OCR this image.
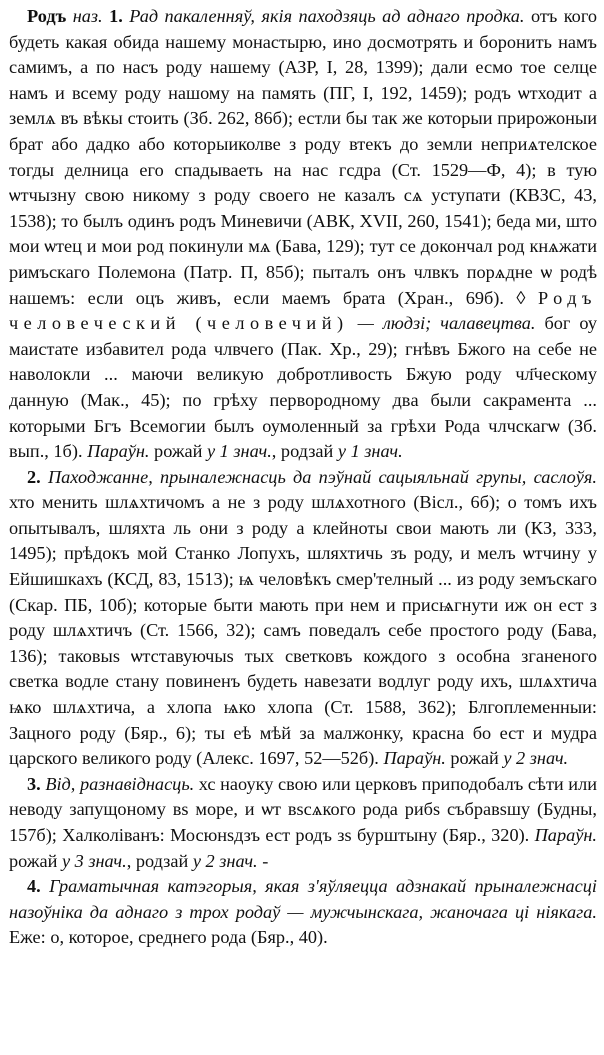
Родъ наз. 1. Рад пакаленняў, якія паходзяць ад аднаго продка. отъ кого будеть какая обида нашему монастырю, ино досмотрять и боронить намъ самимъ, а по насъ роду нашему (АЗР, I, 28, 1399); дали есмо тое селце намъ и всему роду нашому на память (ПГ, I, 192, 1459); родъ ѡтходит а землѧ въ вѣкы стоить (Зб. 262, 86б); естли бы так же которыи прирожоныи брат або дадко або которыиколве з роду втекъ до земли неприѧтелское тогды делница его спадываеть на нас гсдра (Ст. 1529—Ф, 4); в тую ѡтчызну свою никому з роду своего не казалъ сѧ уступати (КВЗС, 43, 1538); то былъ одинъ родъ Миневичи (АВК, XVII, 260, 1541); беда ми, што мои ѡтец и мои род покинули мѧ (Бава, 129); тут се докончал род кнѧжати римъскаго Полемона (Патр. П, 85б); пыталъ онъ члвкъ порѧдне ѡ родѣ нашемъ: если оцъ живъ, если маемъ брата (Хран., 69б). ◊ Родъ человеческий (человечий) — людзі; чалавецтва. бог оу маистате избавител рода члвчего (Пак. Хр., 29); гнѣвъ Бжого на себе не наволокли ... маючи великую добротливость Бжую роду чл҃ческому данную (Мак., 45); по грѣху первородному двa были сакрамента ... которыми Бгъ Всемогии былъ оумоленный за грѣхи Рода члчскагѡ (Зб. вып., 1б). Параўн. рожай у 1 знач., родзай у 1 знач.

2. Паходжанне, прыналежнасць да пэўнай сацыяльнай групы, саслоўя. хто менить шлѧхтичомъ а не з роду шлѧхотного (Вісл., 6б); о томъ ихъ опытывалъ, шляхта ль они з роду а клейноты свои мають ли (КЗ, 333, 1495); прѣдокъ мой Станко Лопухъ, шляхтичь зъ роду, и мелъ ѡтчину у Ейшишкахъ (КСД, 83, 1513); ѩ человѣкъ смер'телный ... из роду земъскаго (Скар. ПБ, 10б); которые быти мають при нем и присѩгнути иж он ест з роду шлѧхтичъ (Ст. 1566, 32); самъ поведалъ себе простого роду (Бава, 136); таковыѕ ѡтставуючыѕ тых светковъ кождого з особна зганеного светка водле стану повиненъ будеть навезати водлуг роду ихъ, шлѧхтича ѩко шлѧхтича, а хлопа ѩко хлопа (Ст. 1588, 362); Блгоплеменныи: Зацного роду (Бяр., 6); ты еѣ мѣй за малжонку, красна бо ест и мудра царского великого роду (Алекс. 1697, 52—52б). Параўн. рожай у 2 знач.

3. Від, разнавіднасць. хс наоуку свою или церковъ приподобалъ сѣти или неводу запущоному вѕ море, и ѡт вѕсѧкого рода рибѕ събравѕшу (Будны, 157б); Халколіванъ: Мосюнѕдзъ ест родъ зѕ бурштыну (Бяр., 320). Параўн. рожай у 3 знач., родзай у 2 знач. -

4. Граматычная катэгорыя, якая з'яўляецца адзнакай прыналежнасці назоўніка да аднаго з трох родаў — мужчынскага, жаночага ці ніякага. Еже: о, которое, среднего рода (Бяр., 40).
